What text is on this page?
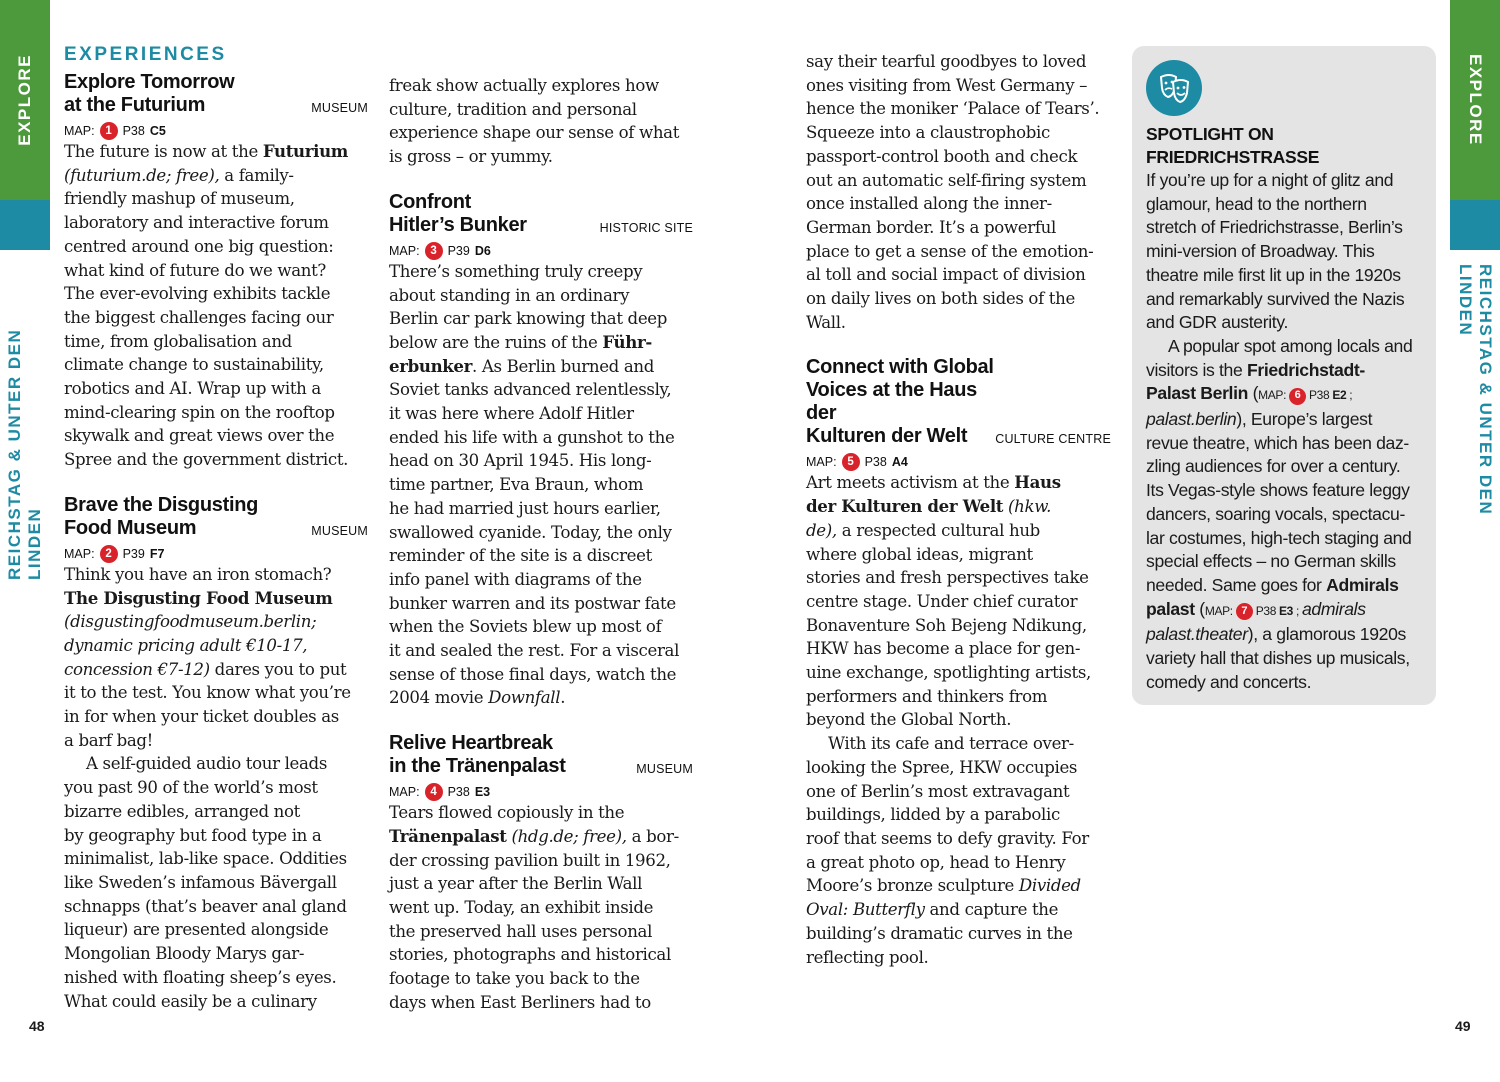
EXPLORE
REICHSTAG & UNTER DEN LINDEN
EXPLORE
REICHSTAG & UNTER DEN LINDEN
48	49
EXPERIENCES
Explore Tomorrow
at the Futurium	MUSEUM
MAP: 1 P38 C5
The future is now at the Futurium
(futurium.de; free), a family-
friendly mashup of museum,
laboratory and interactive forum
centred around one big question:
what kind of future do we want?
The ever-evolving exhibits tackle
the biggest challenges facing our
time, from globalisation and
climate change to sustainability,
robotics and AI. Wrap up with a
mind-clearing spin on the rooftop
skywalk and great views over the
Spree and the government district.
Brave the Disgusting
Food Museum	MUSEUM
MAP: 2 P39 F7
Think you have an iron stomach?
The Disgusting Food Museum
(disgustingfoodmuseum.berlin;
dynamic pricing adult €10-17,
concession €7-12) dares you to put
it to the test. You know what you’re
in for when your ticket doubles as
a barf bag!
A self-guided audio tour leads
you past 90 of the world’s most
bizarre edibles, arranged not
by geography but food type in a
minimalist, lab-like space. Oddities
like Sweden’s infamous Bävergall
schnapps (that’s beaver anal gland
liqueur) are presented alongside
Mongolian Bloody Marys gar-
nished with floating sheep’s eyes.
What could easily be a culinary
freak show actually explores how
culture, tradition and personal
experience shape our sense of what
is gross – or yummy.
Confront
Hitler’s Bunker	HISTORIC SITE
MAP: 3 P39 D6
There’s something truly creepy
about standing in an ordinary
Berlin car park knowing that deep
below are the ruins of the Führ-
erbunker. As Berlin burned and
Soviet tanks advanced relentlessly,
it was here where Adolf Hitler
ended his life with a gunshot to the
head on 30 April 1945. His long-
time partner, Eva Braun, whom
he had married just hours earlier,
swallowed cyanide. Today, the only
reminder of the site is a discreet
info panel with diagrams of the
bunker warren and its postwar fate
when the Soviets blew up most of
it and sealed the rest. For a visceral
sense of those final days, watch the
2004 movie Downfall.
Relive Heartbreak
in the Tränenpalast	MUSEUM
MAP: 4 P38 E3
Tears flowed copiously in the
Tränenpalast (hdg.de; free), a bor-
der crossing pavilion built in 1962,
just a year after the Berlin Wall
went up. Today, an exhibit inside
the preserved hall uses personal
stories, photographs and historical
footage to take you back to the
days when East Berliners had to
say their tearful goodbyes to loved
ones visiting from West Germany –
hence the moniker ‘Palace of Tears’.
Squeeze into a claustrophobic
passport-control booth and check
out an automatic self-firing system
once installed along the inner-
German border. It’s a powerful
place to get a sense of the emotion-
al toll and social impact of division
on daily lives on both sides of the
Wall.
Connect with Global
Voices at the Haus der
Kulturen der Welt	CULTURE CENTRE
MAP: 5 P38 A4
Art meets activism at the Haus
der Kulturen der Welt (hkw.
de), a respected cultural hub
where global ideas, migrant
stories and fresh perspectives take
centre stage. Under chief curator
Bonaventure Soh Bejeng Ndikung,
HKW has become a place for gen-
uine exchange, spotlighting artists,
performers and thinkers from
beyond the Global North.
With its cafe and terrace over-
looking the Spree, HKW occupies
one of Berlin’s most extravagant
buildings, lidded by a parabolic
roof that seems to defy gravity. For
a great photo op, head to Henry
Moore’s bronze sculpture Divided
Oval: Butterfly and capture the
building’s dramatic curves in the
reflecting pool.
SPOTLIGHT ON
FRIEDRICHSTRASSE
If you’re up for a night of glitz and
glamour, head to the northern
stretch of Friedrichstrasse, Berlin’s
mini-version of Broadway. This
theatre mile first lit up in the 1920s
and remarkably survived the Nazis
and GDR austerity.
A popular spot among locals and
visitors is the Friedrichstadt-
Palast Berlin (MAP: 6 P38 E2 ;
palast.berlin), Europe’s largest
revue theatre, which has been daz-
zling audiences for over a century.
Its Vegas-style shows feature leggy
dancers, soaring vocals, spectacu-
lar costumes, high-tech staging and
special effects – no German skills
needed. Same goes for Admirals
palast (MAP: 7 P38 E3 ; admirals
palast.theater), a glamorous 1920s
variety hall that dishes up musicals,
comedy and concerts.
